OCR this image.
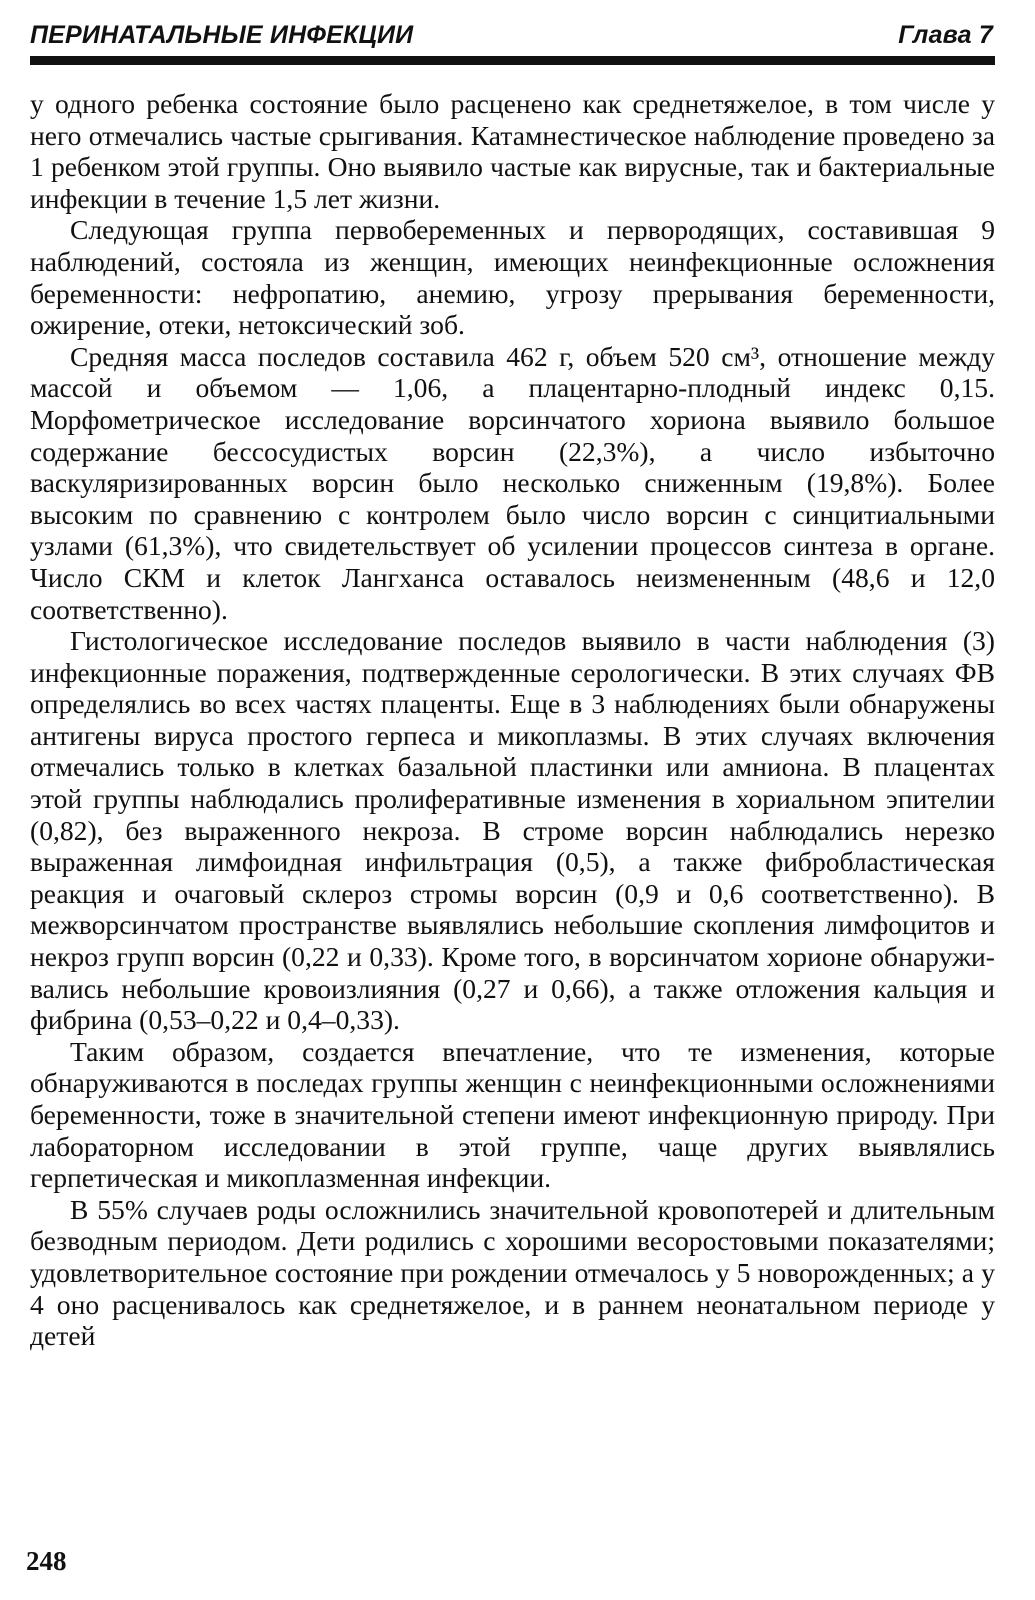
ПЕРИНАТАЛЬНЫЕ ИНФЕКЦИИ	Глава 7

у одного ребенка состояние было расценено как среднетяжелое, в том числе у него отмечались частые срыгивания. Катамнестическое наблюдение проведено за 1 ребенком этой группы. Оно выявило частые как вирусные, так и бактериальные инфекции в течение 1,5 лет жизни.

Следующая группа первобеременных и первородящих, составившая 9 наблюдений, состояла из женщин, имеющих неинфекционные осложнения беременности: нефропатию, анемию, угрозу прерывания беременности, ожирение, отеки, нетоксический зоб.

Средняя масса последов составила 462 г, объем 520 см³, отношение между массой и объемом — 1,06, а плацентарно-плодный индекс 0,15. Морфометрическое исследование ворсинчатого хориона выявило большое содержание бессосудистых ворсин (22,3%), а число избыточно васкуляризированных ворсин было несколько сниженным (19,8%). Более высоким по сравнению с контролем было число ворсин с синцитиальными узлами (61,3%), что свидетельствует об усилении процессов синтеза в органе. Число СКМ и клеток Лангханса оставалось неизмененным (48,6 и 12,0 соответственно).

Гистологическое исследование последов выявило в части наблюдения (3) инфекционные поражения, подтвержденные серологически. В этих случаях ФВ определялись во всех частях плаценты. Еще в 3 наблюдениях были обнаружены антигены вируса простого герпеса и микоплазмы. В этих случаях включения отмечались только в клетках базальной пластинки или амниона. В плацентах этой группы наблюдались пролиферативные изменения в хориальном эпителии (0,82), без выраженного некроза. В строме ворсин наблюдались нерезко выраженная лимфоидная инфильтрация (0,5), а также фибробластическая реакция и очаговый склероз стромы ворсин (0,9 и 0,6 соответственно). В межворсинчатом пространстве выявлялись небольшие скопления лимфоцитов и некроз групп ворсин (0,22 и 0,33). Кроме того, в ворсинчатом хорионе обнаруживались небольшие кровоизлияния (0,27 и 0,66), а также отложения кальция и фибрина (0,53–0,22 и 0,4–0,33).

Таким образом, создается впечатление, что те изменения, которые обнаруживаются в последах группы женщин с неинфекционными осложнениями беременности, тоже в значительной степени имеют инфекционную природу. При лабораторном исследовании в этой группе, чаще других выявлялись герпетическая и микоплазменная инфекции.

В 55% случаев роды осложнились значительной кровопотерей и длительным безводным периодом. Дети родились с хорошими весоростовыми показателями; удовлетворительное состояние при рождении отмечалось у 5 новорожденных; а у 4 оно расценивалось как среднетяжелое, и в раннем неонатальном периоде у детей

248
